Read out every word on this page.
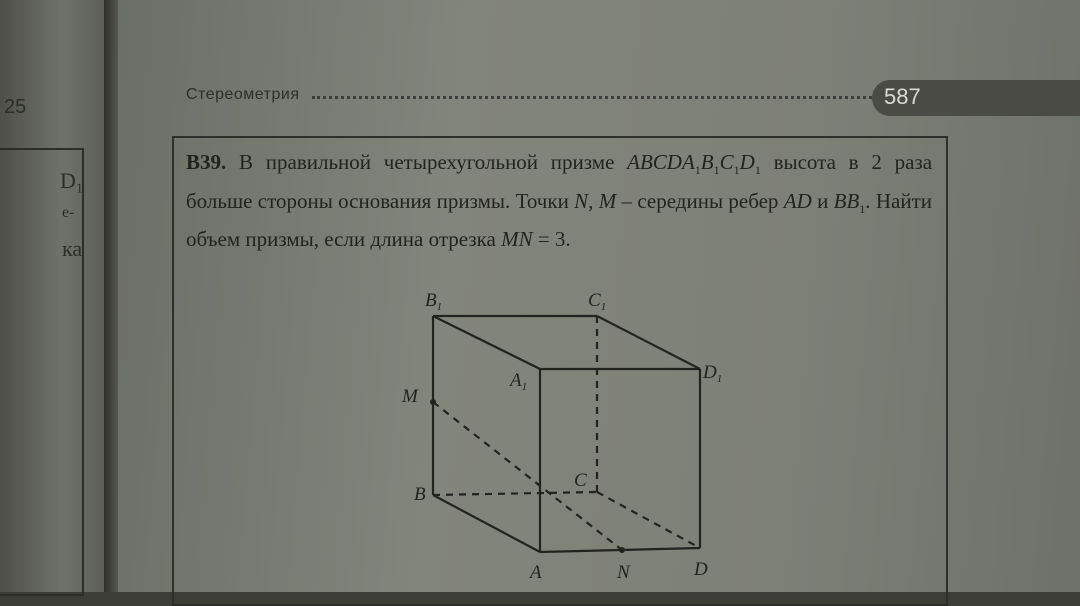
25
D₁
е-
ка
Стереометрия	587
B39. В правильной четырехугольной призме $ABCDA_1B_1C_1D_1$ высота в 2 раза больше стороны основания призмы. Точки N, M – середины ребер AD и $BB_1$. Найти объем призмы, если длина отрезка MN = 3.
$B_1$	$C_1$
$A_1$
$D_1$
M
B
C
A	N	D
